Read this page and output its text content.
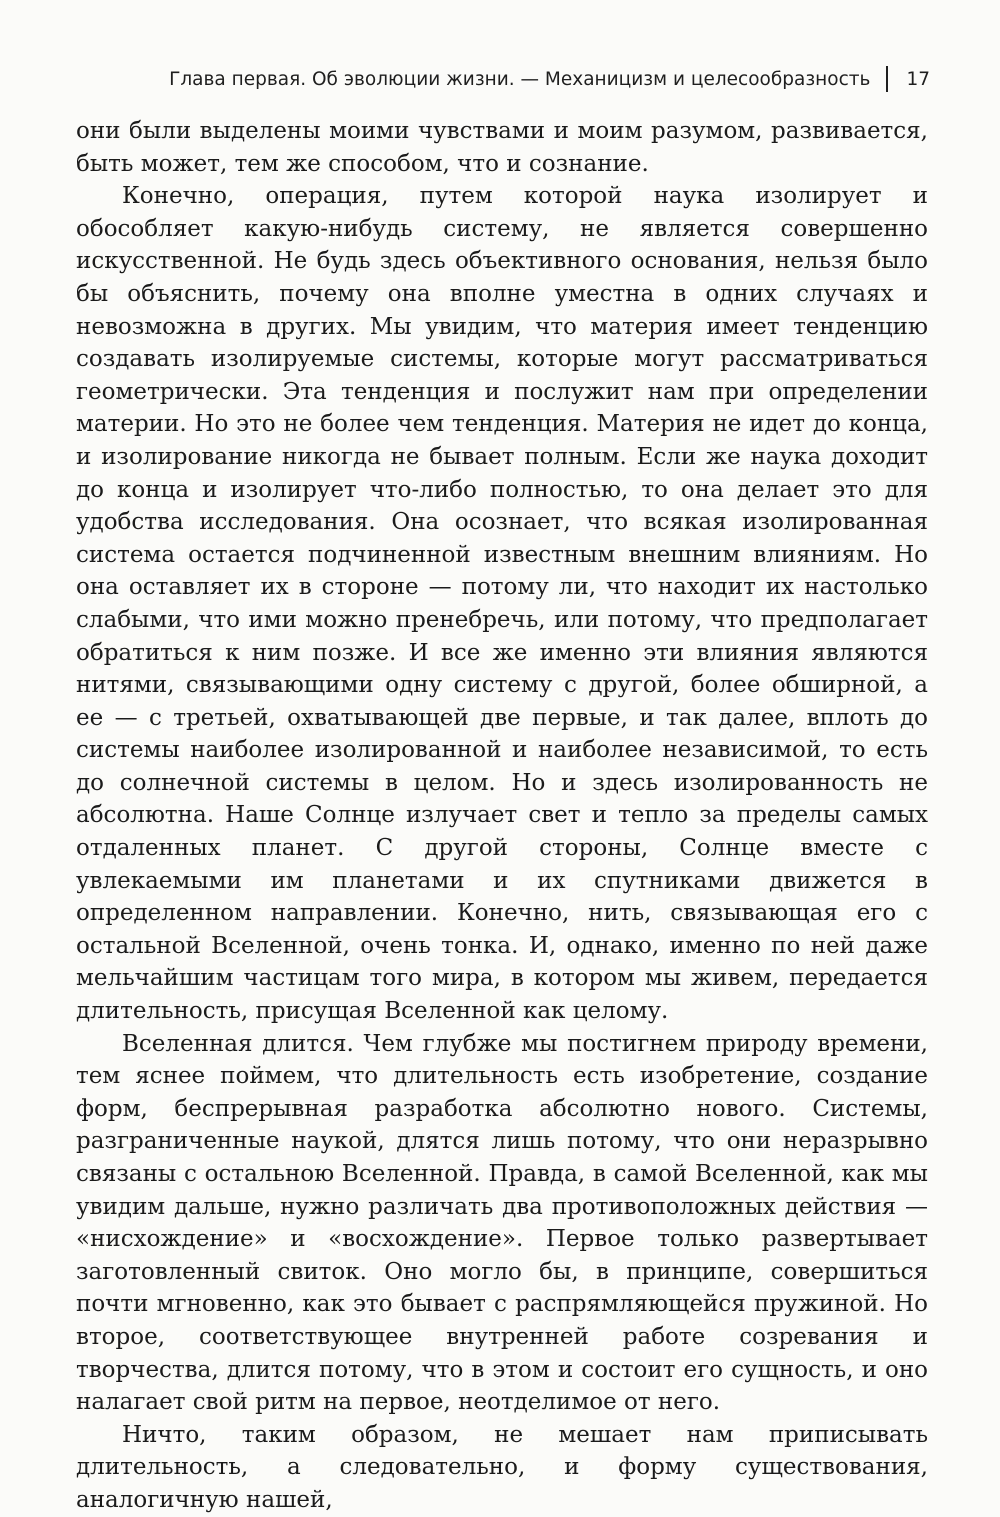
Глава первая. Об эволюции жизни. — Механицизм и целесообразность 17

они были выделены моими чувствами и моим разумом, развивается, быть может, тем же способом, что и сознание.

Конечно, операция, путем которой наука изолирует и обособляет какую-нибудь систему, не является совершенно искусственной. Не будь здесь объективного основания, нельзя было бы объяснить, почему она вполне уместна в одних случаях и невозможна в других. Мы увидим, что материя имеет тенденцию создавать изолируемые системы, которые могут рассматриваться геометрически. Эта тенденция и послужит нам при определении материи. Но это не более чем тенденция. Материя не идет до конца, и изолирование никогда не бывает полным. Если же наука доходит до конца и изолирует что-либо полностью, то она делает это для удобства исследования. Она осознает, что всякая изолированная система остается подчиненной известным внешним влияниям. Но она оставляет их в стороне — потому ли, что находит их настолько слабыми, что ими можно пренебречь, или потому, что предполагает обратиться к ним позже. И все же именно эти влияния являются нитями, связывающими одну систему с другой, более обширной, а ее — с третьей, охватывающей две первые, и так далее, вплоть до системы наиболее изолированной и наиболее независимой, то есть до солнечной системы в целом. Но и здесь изолированность не абсолютна. Наше Солнце излучает свет и тепло за пределы самых отдаленных планет. С другой стороны, Солнце вместе с увлекаемыми им планетами и их спутниками движется в определенном направлении. Конечно, нить, связывающая его с остальной Вселенной, очень тонка. И, однако, именно по ней даже мельчайшим частицам того мира, в котором мы живем, передается длительность, присущая Вселенной как целому.

Вселенная длится. Чем глубже мы постигнем природу времени, тем яснее поймем, что длительность есть изобретение, создание форм, беспрерывная разработка абсолютно нового. Системы, разграниченные наукой, длятся лишь потому, что они неразрывно связаны с остальною Вселенной. Правда, в самой Вселенной, как мы увидим дальше, нужно различать два противоположных действия — «нисхождение» и «восхождение». Первое только развертывает заготовленный свиток. Оно могло бы, в принципе, совершиться почти мгновенно, как это бывает с распрямляющейся пружиной. Но второе, соответствующее внутренней работе созревания и творчества, длится потому, что в этом и состоит его сущность, и оно налагает свой ритм на первое, неотделимое от него.

Ничто, таким образом, не мешает нам приписывать длительность, а следовательно, и форму существования, аналогичную нашей,
